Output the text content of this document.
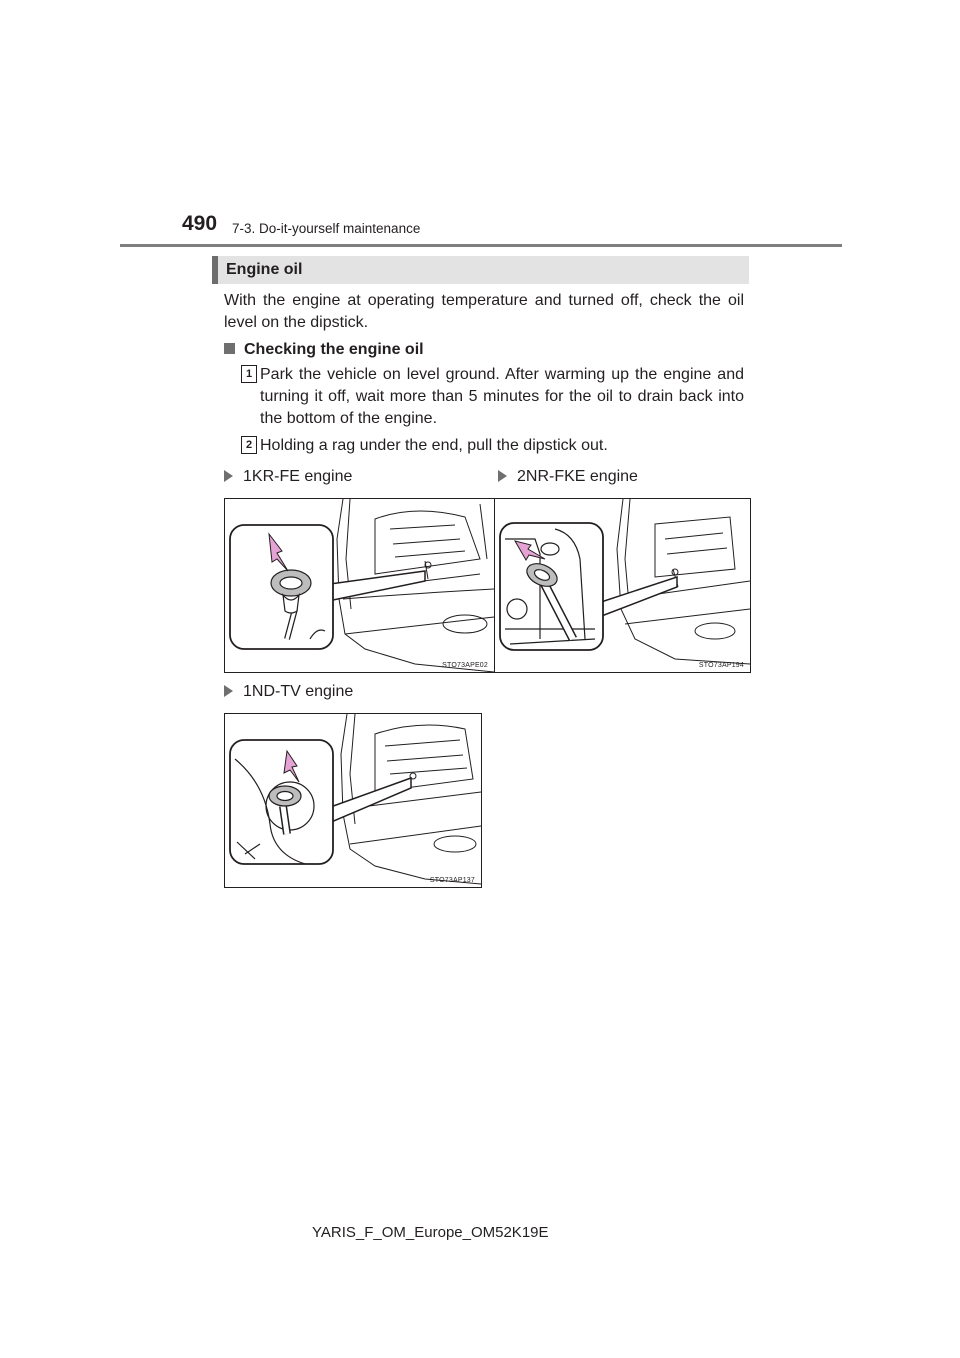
490 7-3. Do-it-yourself maintenance
Engine oil
With the engine at operating temperature and turned off, check the oil level on the dipstick.
Checking the engine oil
1 Park the vehicle on level ground. After warming up the engine and turning it off, wait more than 5 minutes for the oil to drain back into the bottom of the engine.
2 Holding a rag under the end, pull the dipstick out.
1KR-FE engine	2NR-FKE engine
STO73APE02	STO73AP194
1ND-TV engine
STO73AP137
YARIS_F_OM_Europe_OM52K19E
